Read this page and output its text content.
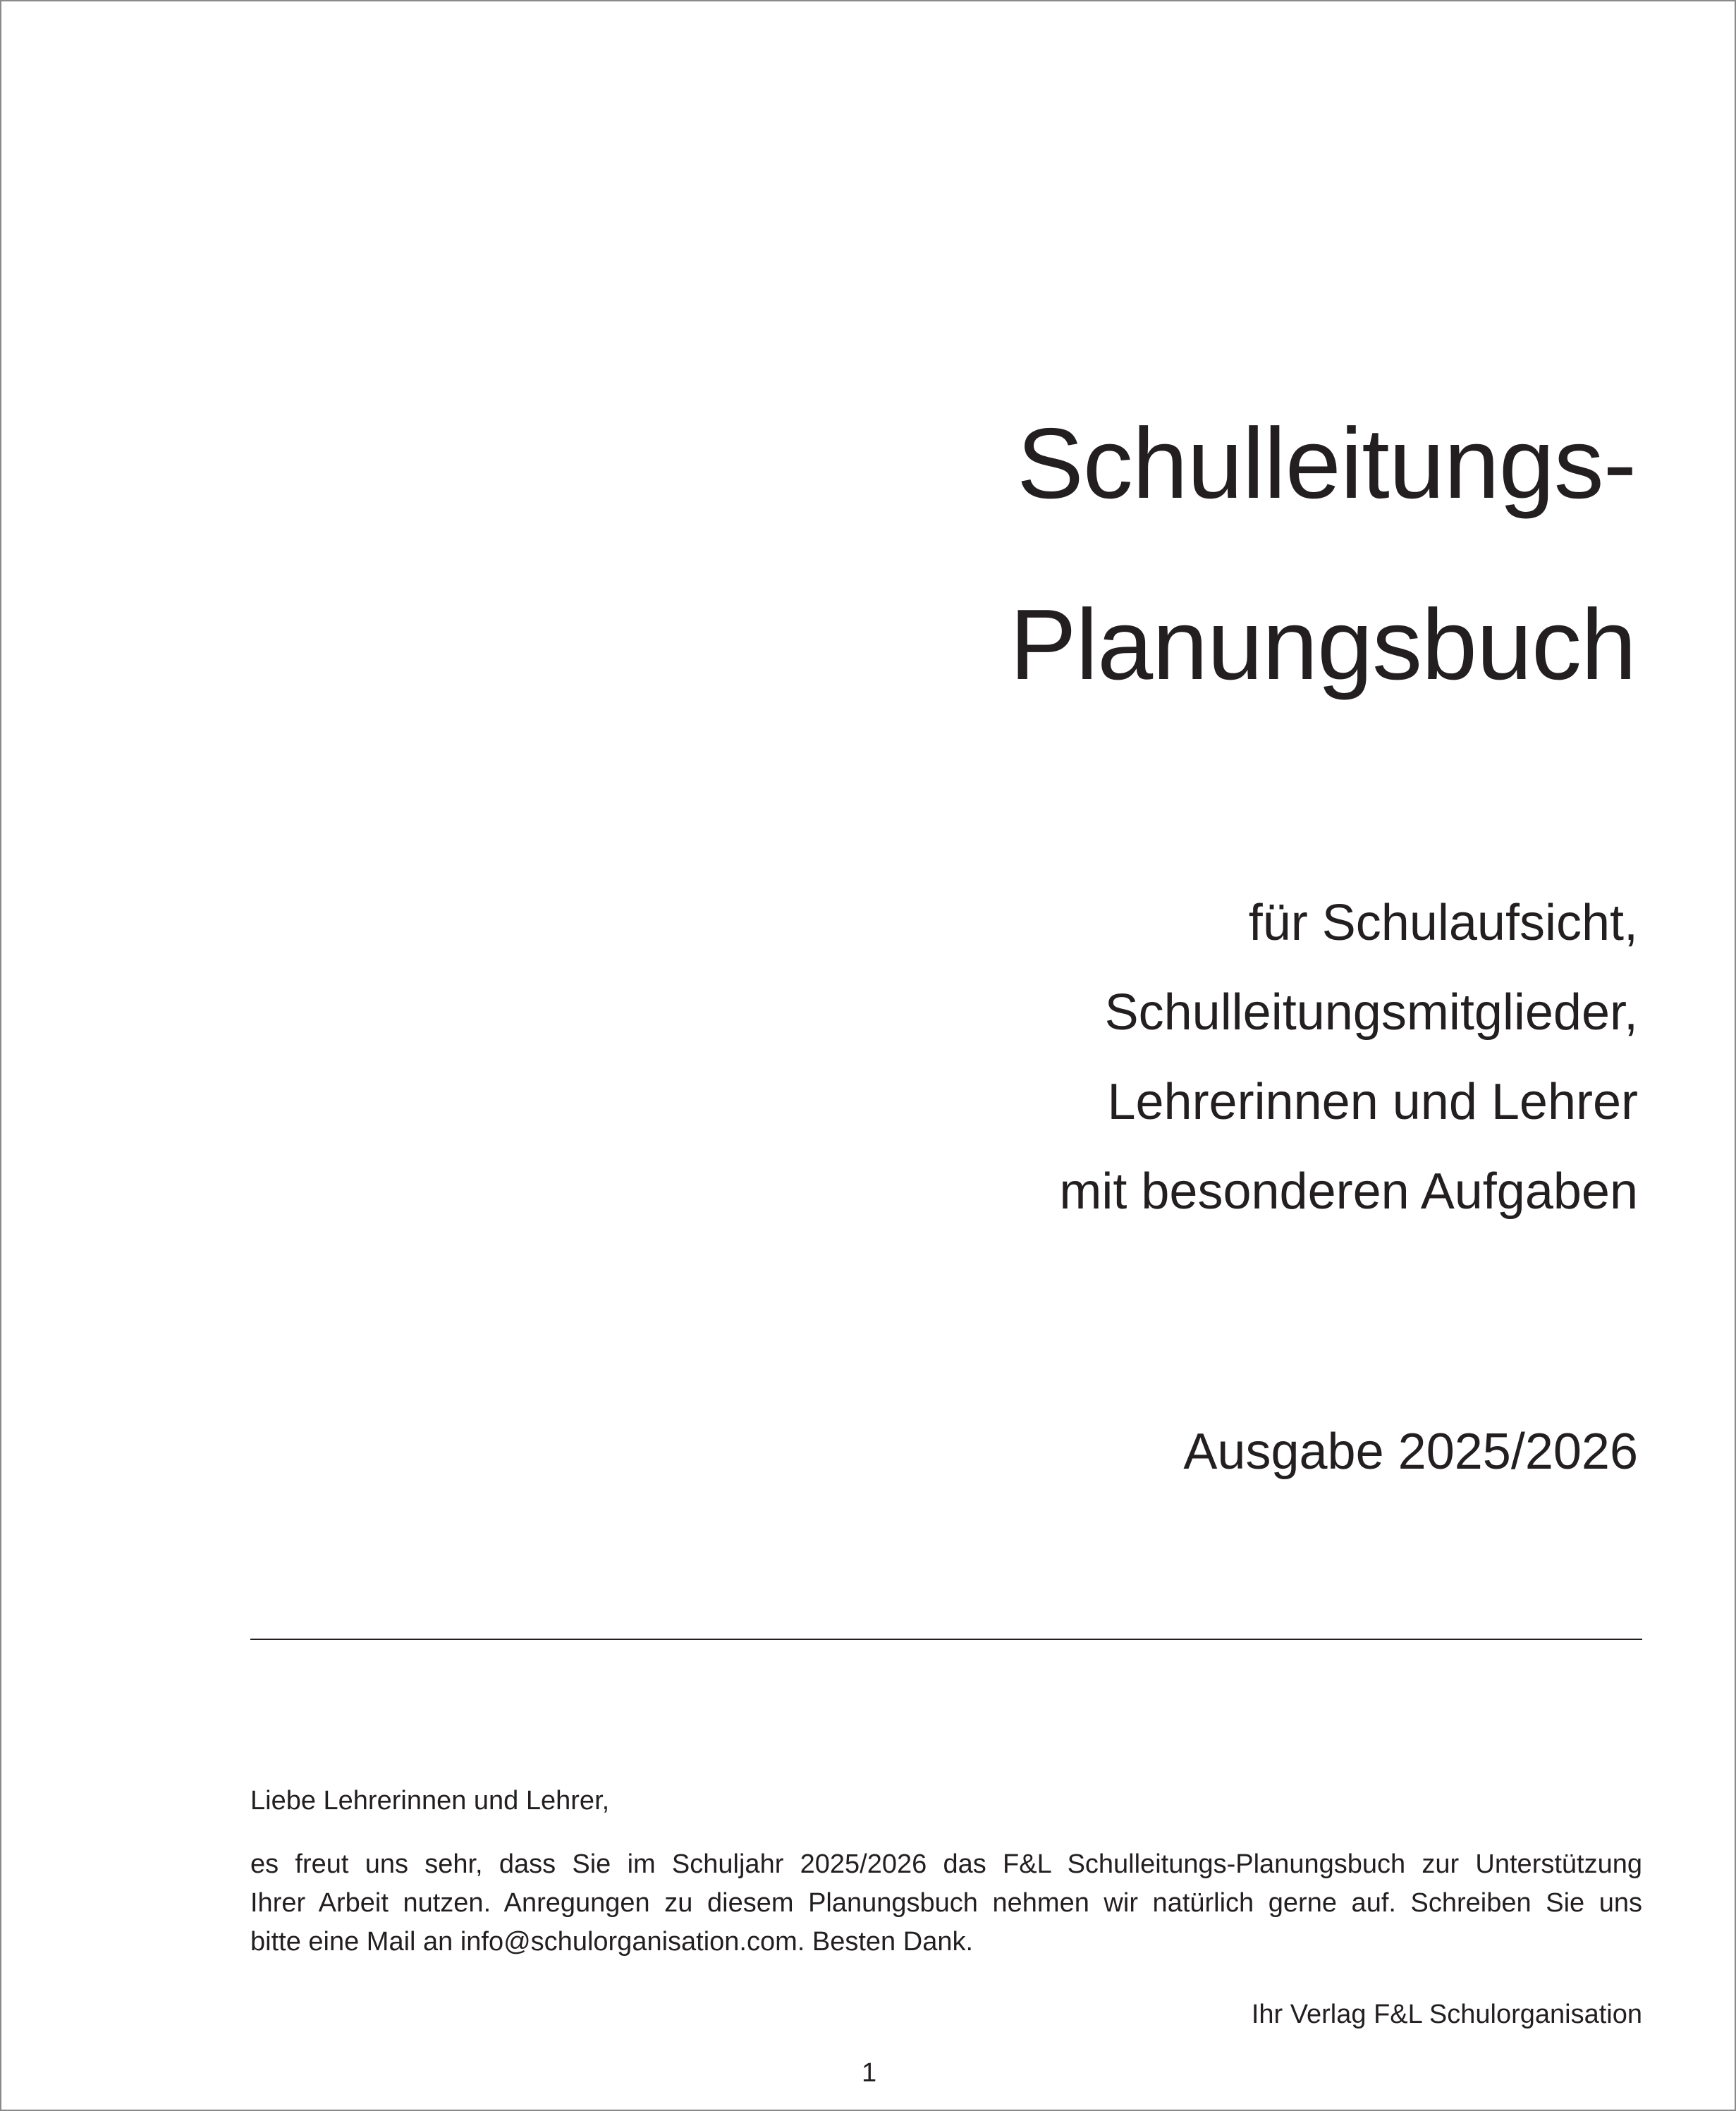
Schulleitungs-
Planungsbuch
für Schulaufsicht,
Schulleitungsmitglieder,
Lehrerinnen und Lehrer
mit besonderen Aufgaben
Ausgabe 2025/2026
Liebe Lehrerinnen und Lehrer,
es freut uns sehr, dass Sie im Schuljahr 2025/2026 das F&L Schulleitungs-Planungsbuch zur Unterstützung
Ihrer Arbeit nutzen. Anregungen zu diesem Planungsbuch nehmen wir natürlich gerne auf. Schreiben Sie uns
bitte eine Mail an info@schulorganisation.com. Besten Dank.
Ihr Verlag F&L Schulorganisation
1
